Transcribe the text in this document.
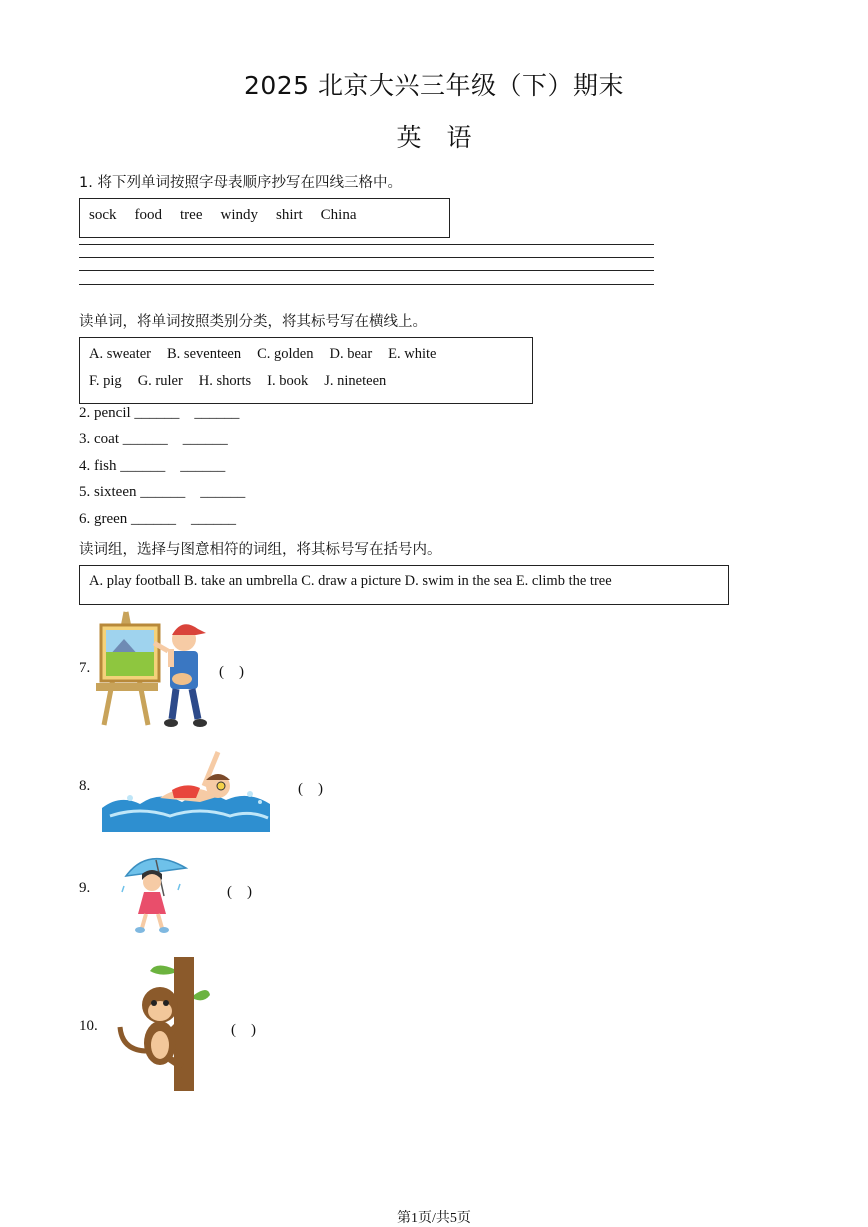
2025 北京大兴三年级（下）期末
英　语
1. 将下列单词按照字母表顺序抄写在四线三格中。
sock food tree windy shirt China
读单词，将单词按照类别分类，将其标号写在横线上。
A. sweater B. seventeen C. golden D. bear E. white
F. pig G. ruler H. shorts I. book J. nineteen
2. pencil ______    ______
3. coat ______    ______
4. fish ______    ______
5. sixteen ______    ______
6. green ______    ______
读词组，选择与图意相符的词组，将其标号写在括号内。
A. play football B. take an umbrella C. draw a picture D. swim in the sea E. climb the tree
7.	(　)
8.	(　)
9.	(　)
10.	(　)
第1页/共5页
